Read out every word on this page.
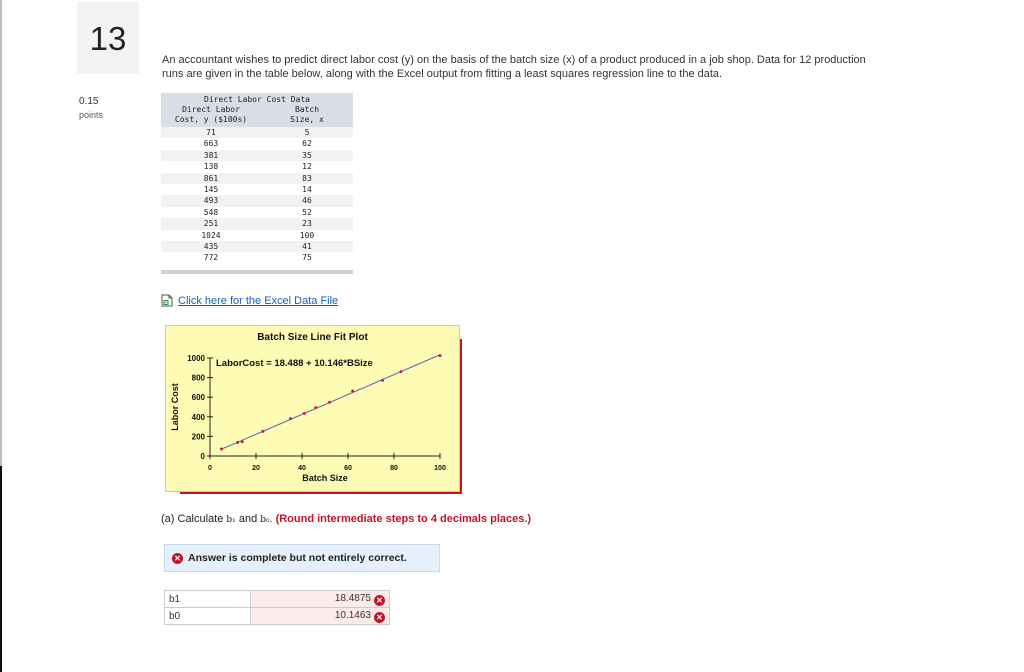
13
0.15
points
An accountant wishes to predict direct labor cost (y) on the basis of the batch size (x) of a product produced in a job shop. Data for 12 production runs are given in the table below, along with the Excel output from fitting a least squares regression line to the data.
Direct Labor Cost Data
Direct Labor
Cost, y ($100s)
Batch
Size, x
71	5
663	62
381	35
138	12
861	83
145	14
493	46
548	52
251	23
1024	100
435	41
772	75
Click here for the Excel Data File
Batch Size Line Fit Plot
0
200
400
600
800
1000
0	20	40	60	80	100
Batch Size
Labor Cost
LaborCost = 18.488 + 10.146*BSize
(a) Calculate b₁ and b₀. (Round intermediate steps to 4 decimals places.)
✕ Answer is complete but not entirely correct.
b1	18.4875 ✕
b0	10.1463 ✕
